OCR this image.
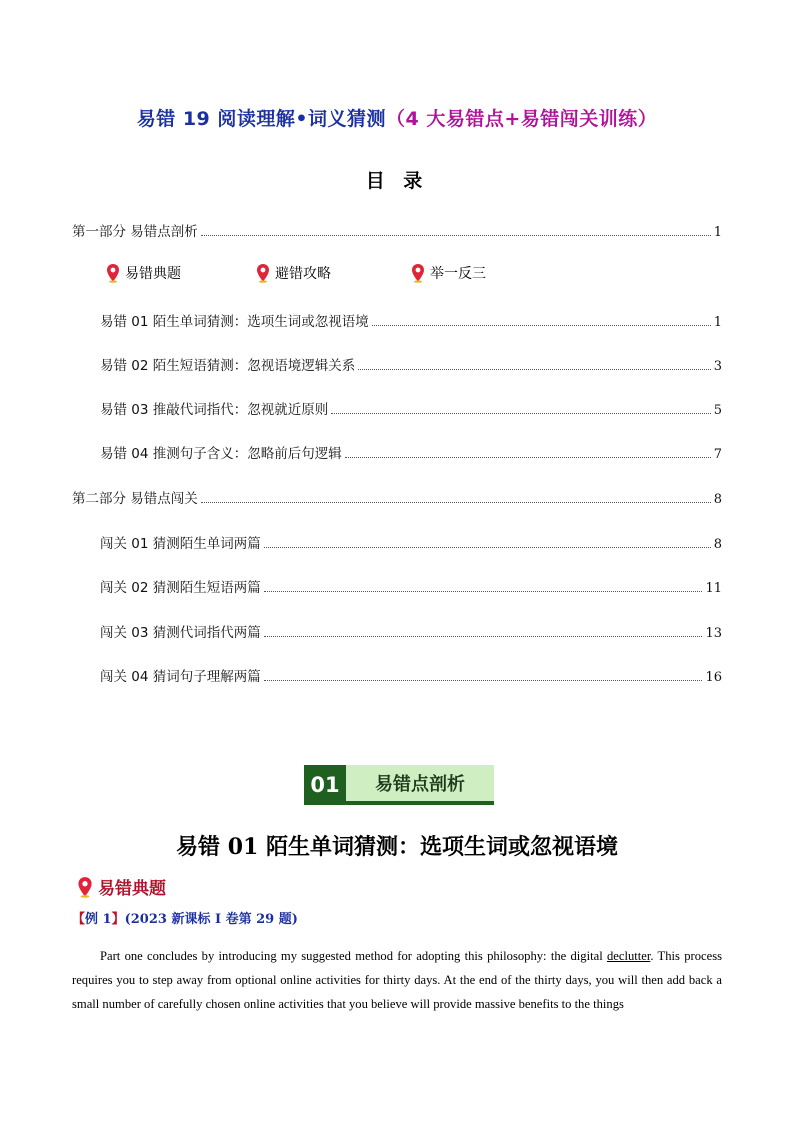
易错 19 阅读理解•词义猜测（4 大易错点+易错闯关训练）
目 录
第一部分 易错点剖析	1
易错典题	避错攻略	举一反三
易错 01 陌生单词猜测：选项生词或忽视语境	1
易错 02 陌生短语猜测：忽视语境逻辑关系	3
易错 03 推敲代词指代：忽视就近原则	5
易错 04 推测句子含义：忽略前后句逻辑	7
第二部分 易错点闯关	8
闯关 01 猜测陌生单词两篇	8
闯关 02 猜测陌生短语两篇	11
闯关 03 猜测代词指代两篇	13
闯关 04 猜词句子理解两篇	16
01	易错点剖析
易错 01 陌生单词猜测：选项生词或忽视语境
易错典题
【例 1】(2023 新课标 I 卷第 29 题)
Part one concludes by introducing my suggested method for adopting this philosophy: the digital declutter. This process requires you to step away from optional online activities for thirty days. At the end of the thirty days, you will then add back a small number of carefully chosen online activities that you believe will provide massive benefits to the things
